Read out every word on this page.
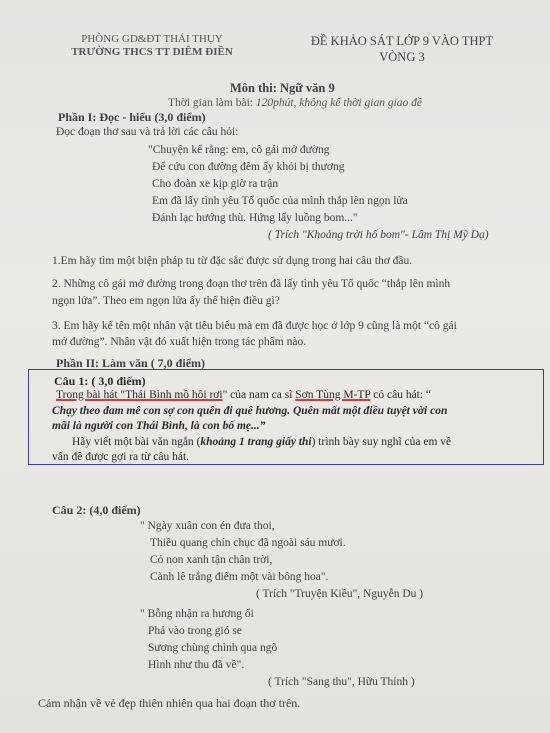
PHÒNG GD&ĐT THÁI THỤY
TRƯỜNG THCS TT DIÊM ĐIỀN
ĐỀ KHẢO SÁT LỚP 9 VÀO THPT
VÒNG 3
Môn thi: Ngữ văn 9
Thời gian làm bài: 120phút, không kể thời gian giao đề
Phần I: Đọc - hiểu (3,0 điểm)
Đọc đoạn thơ sau và trả lời các câu hỏi:
"Chuyện kể rằng: em, cô gái mở đường
Để cứu con đường đêm ấy khỏi bị thương
Cho đoàn xe kịp giờ ra trận
Em đã lấy tình yêu Tổ quốc của mình thắp lên ngọn lửa
Đánh lạc hướng thù. Hứng lấy luồng bom..."
( Trích "Khoảng trời hố bom"- Lâm Thị Mỹ Dạ)
1.Em hãy tìm một biện pháp tu từ đặc sắc được sử dụng trong hai câu thơ đầu.
2. Những cô gái mở đường trong đoạn thơ trên đã lấy tình yêu Tổ quốc “thắp lên mình
ngọn lửa”. Theo em ngọn lửa ấy thể hiện điều gì?
3. Em hãy kể tên một nhân vật tiêu biểu mà em đã được học ở lớp 9 cũng là một “cô gái
mở đường”. Nhân vật đó xuất hiện trong tác phẩm nào.
Phần II: Làm văn ( 7,0 điểm)
Câu 1: ( 3,0 điểm)
Trong bài hát "Thái Bình mồ hôi rơi" của nam ca sĩ Sơn Tùng M-TP có câu hát: “
Chạy theo đam mê con sợ con quên đi quê hương. Quên mất một điều tuyệt vời con
mãi là người con Thái Bình, là con bố mẹ...”
Hãy viết một bài văn ngắn (khoảng 1 trang giấy thi) trình bày suy nghĩ của em về
vấn đề được gợi ra từ câu hát.
Câu 2: (4,0 điểm)
" Ngày xuân con én đưa thoi,
Thiều quang chín chục đã ngoài sáu mươi.
Cỏ non xanh tận chân trời,
Cành lê trắng điểm một vài bông hoa".
( Trích "Truyện Kiều", Nguyễn Du )
" Bỗng nhận ra hương ổi
Phả vào trong gió se
Sương chùng chình qua ngõ
Hình như thu đã về".
( Trích "Sang thu", Hữu Thỉnh )
Cảm nhận về vẻ đẹp thiên nhiên qua hai đoạn thơ trên.
